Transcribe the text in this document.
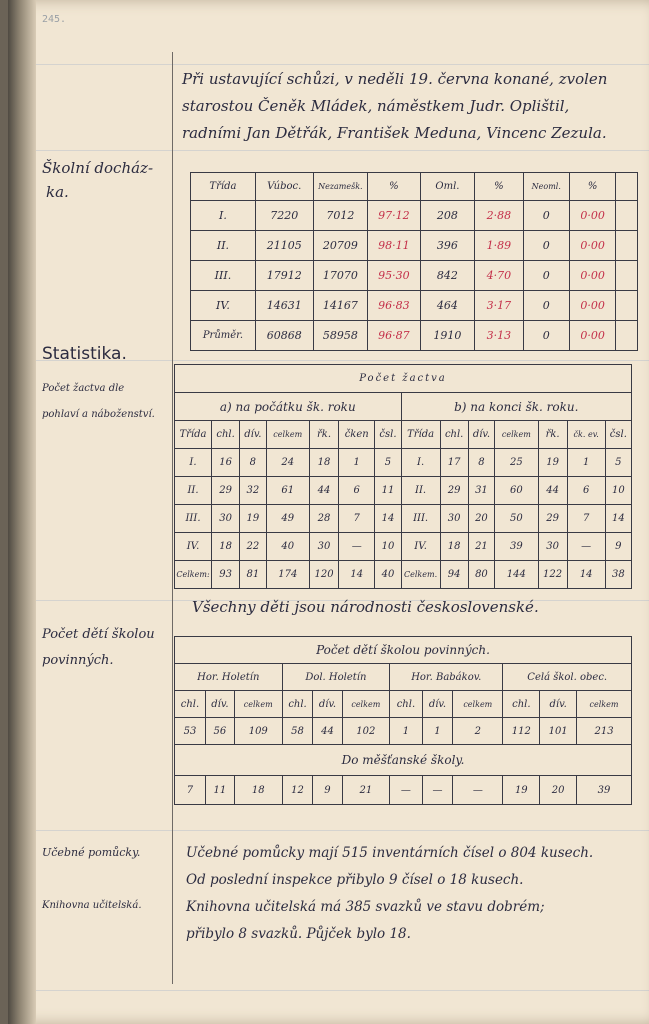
245.
Při ustavující schůzi, v neděli 19. června konané, zvolen
starostou Čeněk Mládek, náměstkem Judr. Oplištil,
radními Jan Dětřák, František Meduna, Vincenc Zezula.
Školní docház-
ka.
Statistika.
Počet žactva dle
pohlaví a náboženství.
Počet dětí školou
povinných.
Učebné pomůcky.
Knihovna učitelská.
Třída	Vúboc.	Nezamešk.	%	Oml.	%	Neoml.	%	
I.	7220	7012	97·12	208	2·88	0	0·00	
II.	21105	20709	98·11	396	1·89	0	0·00	
III.	17912	17070	95·30	842	4·70	0	0·00	
IV.	14631	14167	96·83	464	3·17	0	0·00	
Průměr.	60868	58958	96·87	1910	3·13	0	0·00	
Počet žactva													
a) na počátku šk. roku							b) na konci šk. roku.						
Třída	chl.	dív.	celkem	řk.	čken	čsl.	Třída	chl.	dív.	celkem	řk.	čk. ev.	čsl.
I.	16	8	24	18	1	5	I.	17	8	25	19	1	5
II.	29	32	61	44	6	11	II.	29	31	60	44	6	10
III.	30	19	49	28	7	14	III.	30	20	50	29	7	14
IV.	18	22	40	30	—	10	IV.	18	21	39	30	—	9
Celkem:	93	81	174	120	14	40	Celkem.	94	80	144	122	14	38
Všechny děti jsou národnosti československé.
Počet dětí školou povinných.											
Hor. Holetín			Dol. Holetín			Hor. Babákov.			Celá škol. obec.		
chl.	dív.	celkem	chl.	dív.	celkem	chl.	dív.	celkem	chl.	dív.	celkem
53	56	109	58	44	102	1	1	2	112	101	213
Do měšťanské školy.											
7	11	18	12	9	21	—	—	—	19	20	39
Učebné pomůcky mají 515 inventárních čísel o 804 kusech.
Od poslední inspekce přibylo 9 čísel o 18 kusech.
Knihovna učitelská má 385 svazků ve stavu dobrém;
přibylo 8 svazků. Půjček bylo 18.
